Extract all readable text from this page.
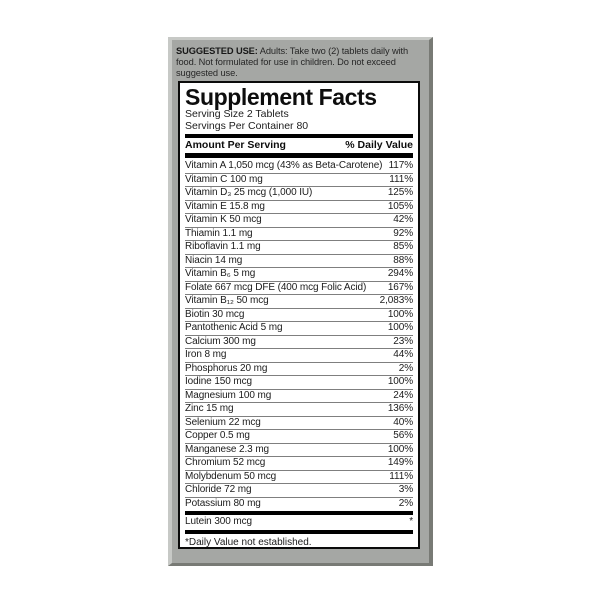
SUGGESTED USE: Adults: Take two (2) tablets daily with food. Not formulated for use in children. Do not exceed suggested use.
Supplement Facts
Serving Size 2 Tablets
Servings Per Container 80
Amount Per Serving	% Daily Value
Vitamin A 1,050 mcg (43% as Beta-Carotene) 117%
Vitamin C 100 mg	111%
Vitamin D₃ 25 mcg (1,000 IU)	125%
Vitamin E 15.8 mg	105%
Vitamin K 50 mcg	42%
Thiamin 1.1 mg	92%
Riboflavin 1.1 mg	85%
Niacin 14 mg	88%
Vitamin B₆ 5 mg	294%
Folate 667 mcg DFE (400 mcg Folic Acid) 167%
Vitamin B₁₂ 50 mcg	2,083%
Biotin 30 mcg	100%
Pantothenic Acid 5 mg	100%
Calcium 300 mg	23%
Iron 8 mg	44%
Phosphorus 20 mg	2%
Iodine 150 mcg	100%
Magnesium 100 mg	24%
Zinc 15 mg	136%
Selenium 22 mcg	40%
Copper 0.5 mg	56%
Manganese 2.3 mg	100%
Chromium 52 mcg	149%
Molybdenum 50 mcg	111%
Chloride 72 mg	3%
Potassium 80 mg	2%
Lutein 300 mcg	*
*Daily Value not established.
